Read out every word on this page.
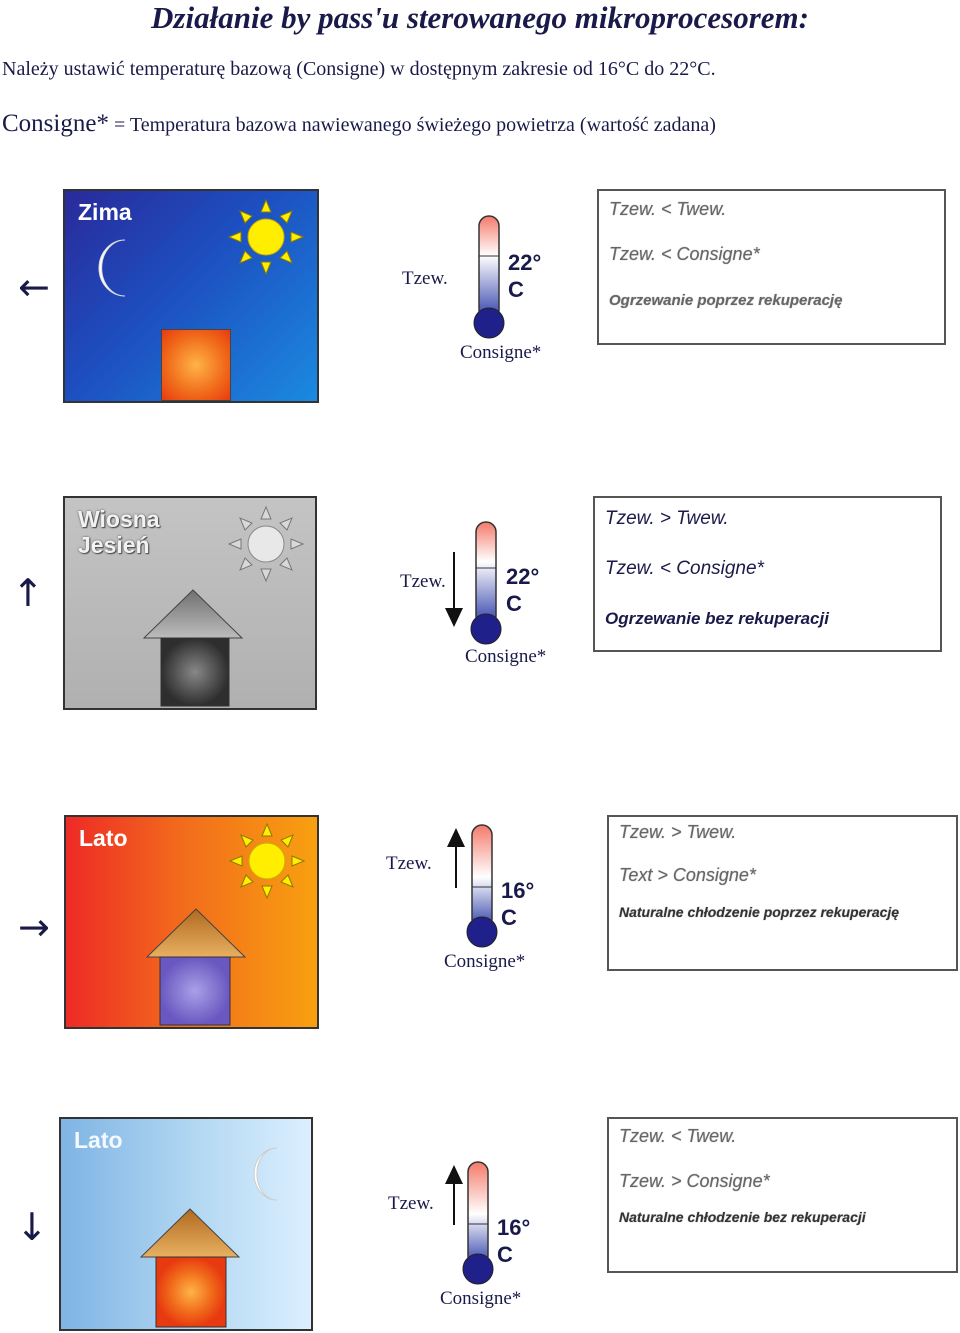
Działanie by pass'u sterowanego mikroprocesorem:
Należy ustawić temperaturę bazową (Consigne) w dostępnym zakresie od 16°C do 22°C.
Consigne* = Temperatura bazowa nawiewanego świeżego powietrza (wartość zadana)
←
Zima
Tzew.
22°
C
Consigne*
Tzew. < Twew.
Tzew. < Consigne*
Ogrzewanie poprzez rekuperację
↑
Wiosna
Jesień
Tzew.	22°
C
Consigne*
Tzew. > Twew.
Tzew. < Consigne*
Ogrzewanie bez rekuperacji
→
Lato
Tzew.
16°
C
Consigne*
Tzew. > Twew.
Text > Consigne*
Naturalne chłodzenie poprzez rekuperację
↓
Lato
Tzew.
16°
C
Consigne*
Tzew. < Twew.
Tzew. > Consigne*
Naturalne chłodzenie bez rekuperacji
